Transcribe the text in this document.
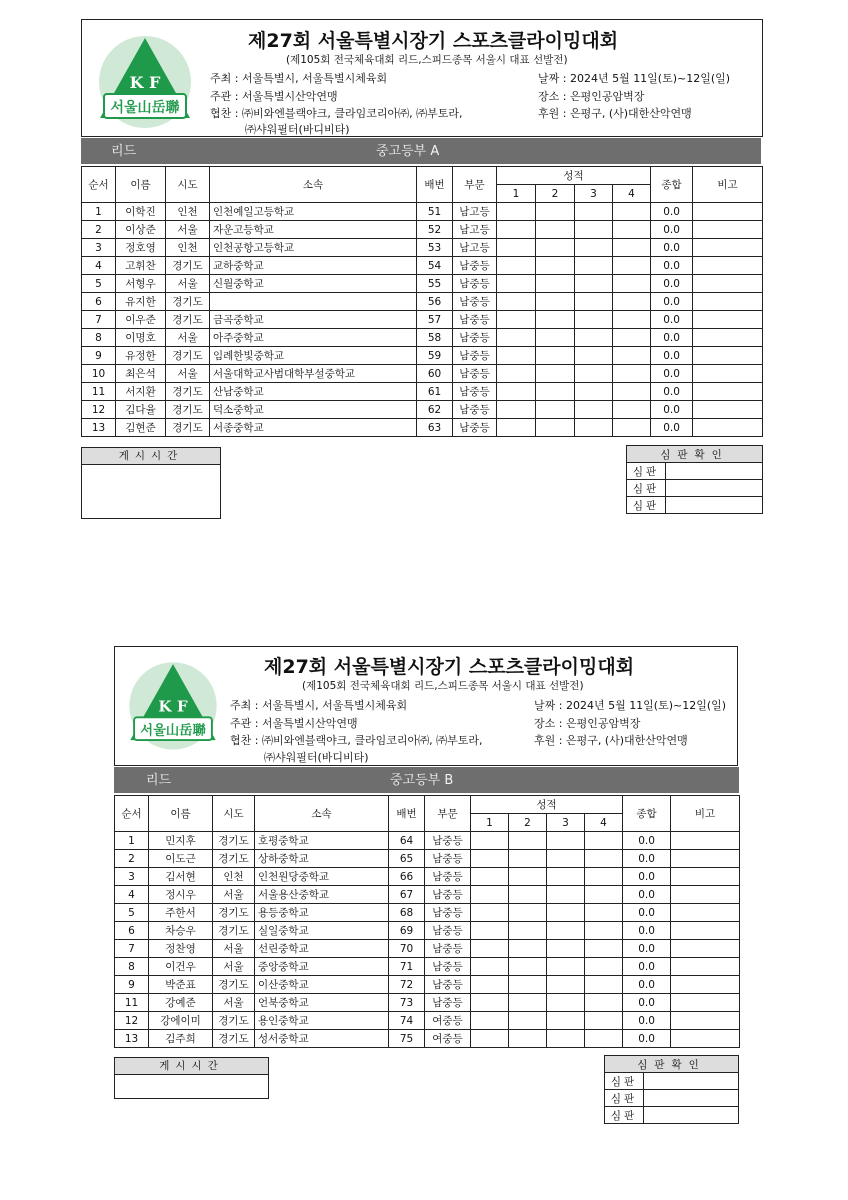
K F
서울山岳聯
제27회 서울특별시장기 스포츠클라이밍대회
(제105회 전국체육대회 리드,스피드종목 서울시 대표 선발전)
주최 : 서울특별시, 서울특별시체육회
주관 : 서울특별시산악연맹
협찬 : ㈜비와엔블랙야크, 클라임코리아㈜, ㈜부토라,
㈜샤워필터(바디비타)
날짜 : 2024년 5월 11일(토)~12일(일)
장소 : 은평인공암벽장
후원 : 은평구, (사)대한산악연맹
리드	중고등부 A
순서	이름	시도	소속	배번	부문	성적				종합	비고
						1	2	3	4		
1	이학진	인천	인천예일고등학교	51	남고등					0.0	
2	이상준	서울	자운고등학교	52	남고등					0.0	
3	정호영	인천	인천공항고등학교	53	남고등					0.0	
4	고휘찬	경기도	교하중학교	54	남중등					0.0	
5	서형우	서울	신월중학교	55	남중등					0.0	
6	유지한	경기도		56	남중등					0.0	
7	이우준	경기도	금곡중학교	57	남중등					0.0	
8	이명호	서울	아주중학교	58	남중등					0.0	
9	유정한	경기도	임례한빛중학교	59	남중등					0.0	
10	최은석	서울	서울대학교사범대학부설중학교	60	남중등					0.0	
11	서지환	경기도	산남중학교	61	남중등					0.0	
12	김다율	경기도	덕소중학교	62	남중등					0.0	
13	김현준	경기도	서종중학교	63	남중등					0.0	
게시시간	심판확인	
심판	
심판	
심판	
K F
서울山岳聯
제27회 서울특별시장기 스포츠클라이밍대회
(제105회 전국체육대회 리드,스피드종목 서울시 대표 선발전)
주최 : 서울특별시, 서울특별시체육회
주관 : 서울특별시산악연맹
협찬 : ㈜비와엔블랙야크, 클라임코리아㈜, ㈜부토라,
㈜샤워필터(바디비타)
날짜 : 2024년 5월 11일(토)~12일(일)
장소 : 은평인공암벽장
후원 : 은평구, (사)대한산악연맹
리드	중고등부 B
순서	이름	시도	소속	배번	부문	성적				종합	비고
						1	2	3	4		
1	민지후	경기도	호평중학교	64	남중등					0.0	
2	이도근	경기도	상하중학교	65	남중등					0.0	
3	김서현	인천	인천원당중학교	66	남중등					0.0	
4	정시우	서울	서울용산중학교	67	남중등					0.0	
5	주한서	경기도	용등중학교	68	남중등					0.0	
6	차승우	경기도	실일중학교	69	남중등					0.0	
7	정찬영	서울	선린중학교	70	남중등					0.0	
8	이건우	서울	중앙중학교	71	남중등					0.0	
9	박준표	경기도	이산중학교	72	남중등					0.0	
11	강예준	서울	언북중학교	73	남중등					0.0	
12	강에이미	경기도	용인중학교	74	여중등					0.0	
13	김주희	경기도	성서중학교	75	여중등					0.0	
게시시간	심판확인	
심판	
심판	
심판	
